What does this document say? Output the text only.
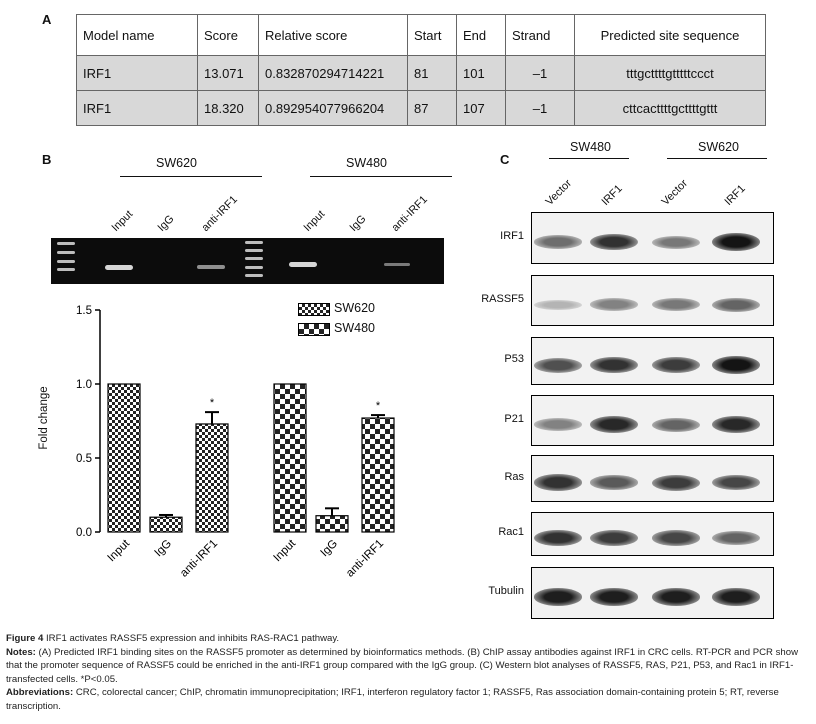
A
Model name	Score	Relative score	Start	End	Strand	Predicted site sequence
IRF1	13.071	0.832870294714221	81	101	–1	tttgcttttgtttttccct
IRF1	18.320	0.892954077966204	87	107	–1	cttcacttttgcttttgttt
B	SW620	SW480
Input IgG anti-IRF1	Input IgG anti-IRF1
0.0
0.5
1.0
1.5
*	*
Input IgG anti-IRF1	Input IgG anti-IRF1
Fold change
SW620
SW480
C
SW480	SW620
Vector IRF1	Vector	IRF1
IRF1
RASSF5
P53
P21
Ras
Rac1
Tubulin

Figure 4 IRF1 activates RASSF5 expression and inhibits RAS-RAC1 pathway.

Notes: (A) Predicted IRF1 binding sites on the RASSF5 promoter as determined by bioinformatics methods. (B) ChIP assay antibodies against IRF1 in CRC cells. RT-PCR and PCR show that the promoter sequence of RASSF5 could be enriched in the anti-IRF1 group compared with the IgG group. (C) Western blot analyses of RASSF5, RAS, P21, P53, and Rac1 in IRF1-transfected cells. *P<0.05.

Abbreviations: CRC, colorectal cancer; ChIP, chromatin immunoprecipitation; IRF1, interferon regulatory factor 1; RASSF5, Ras association domain-containing protein 5; RT, reverse transcription.
